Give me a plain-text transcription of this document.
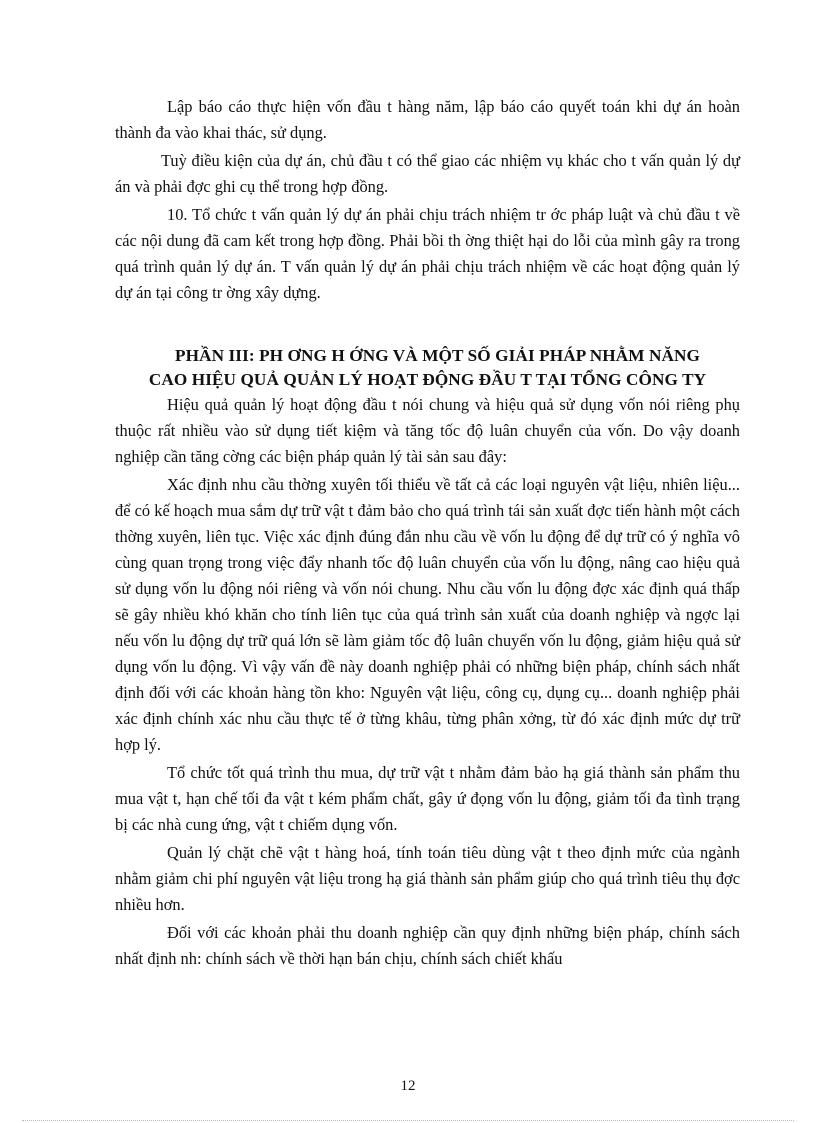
Lập báo cáo thực hiện vốn đầu t hàng năm, lập báo cáo quyết toán khi dự án hoàn thành đa vào khai thác, sử dụng.

Tuỳ điều kiện của dự án, chủ đầu t có thể giao các nhiệm vụ khác cho t vấn quản lý dự án và phải đợc ghi cụ thể trong hợp đồng.

10. Tổ chức t vấn quản lý dự án phải chịu trách nhiệm tr ớc pháp luật và chủ đầu t về các nội dung đã cam kết trong hợp đồng. Phải bồi th ờng thiệt hại do lỗi của mình gây ra trong quá trình quản lý dự án. T vấn quản lý dự án phải chịu trách nhiệm về các hoạt động quản lý dự án tại công tr ờng xây dựng.

PHẦN III: PH ƠNG H ỚNG VÀ MỘT SỐ GIẢI PHÁP NHẰM NĂNG
CAO HIỆU QUẢ QUẢN LÝ HOẠT ĐỘNG ĐẦU T TẠI TỔNG CÔNG TY

Hiệu quả quản lý hoạt động đầu t nói chung và hiệu quả sử dụng vốn nói riêng phụ thuộc rất nhiều vào sử dụng tiết kiệm và tăng tốc độ luân chuyển của vốn. Do vậy doanh nghiệp cần tăng cờng các biện pháp quản lý tài sản sau đây:

Xác định nhu cầu thờng xuyên tối thiểu về tất cả các loại nguyên vật liệu, nhiên liệu... để có kế hoạch mua sắm dự trữ vật t đảm bảo cho quá trình tái sản xuất đợc tiến hành một cách thờng xuyên, liên tục. Việc xác định đúng đắn nhu cầu về vốn lu động để dự trữ có ý nghĩa vô cùng quan trọng trong việc đẩy nhanh tốc độ luân chuyển của vốn lu động, nâng cao hiệu quả sử dụng vốn lu động nói riêng và vốn nói chung. Nhu cầu vốn lu động đợc xác định quá thấp sẽ gây nhiều khó khăn cho tính liên tục của quá trình sản xuất của doanh nghiệp và ngợc lại nếu vốn lu động dự trữ quá lớn sẽ làm giảm tốc độ luân chuyển vốn lu động, giảm hiệu quả sử dụng vốn lu động. Vì vậy vấn đề này doanh nghiệp phải có những biện pháp, chính sách nhất định đối với các khoản hàng tồn kho: Nguyên vật liệu, công cụ, dụng cụ... doanh nghiệp phải xác định chính xác nhu cầu thực tế ở từng khâu, từng phân xởng, từ đó xác định mức dự trữ hợp lý.

Tổ chức tốt quá trình thu mua, dự trữ vật t nhằm đảm bảo hạ giá thành sản phẩm thu mua vật t, hạn chế tối đa vật t kém phẩm chất, gây ứ đọng vốn lu động, giảm tối đa tình trạng bị các nhà cung ứng, vật t chiếm dụng vốn.

Quản lý chặt chẽ vật t hàng hoá, tính toán tiêu dùng vật t theo định mức của ngành nhằm giảm chi phí nguyên vật liệu trong hạ giá thành sản phẩm giúp cho quá trình tiêu thụ đợc nhiều hơn.

Đối với các khoản phải thu doanh nghiệp cần quy định những biện pháp, chính sách nhất định nh: chính sách về thời hạn bán chịu, chính sách chiết khấu

12
